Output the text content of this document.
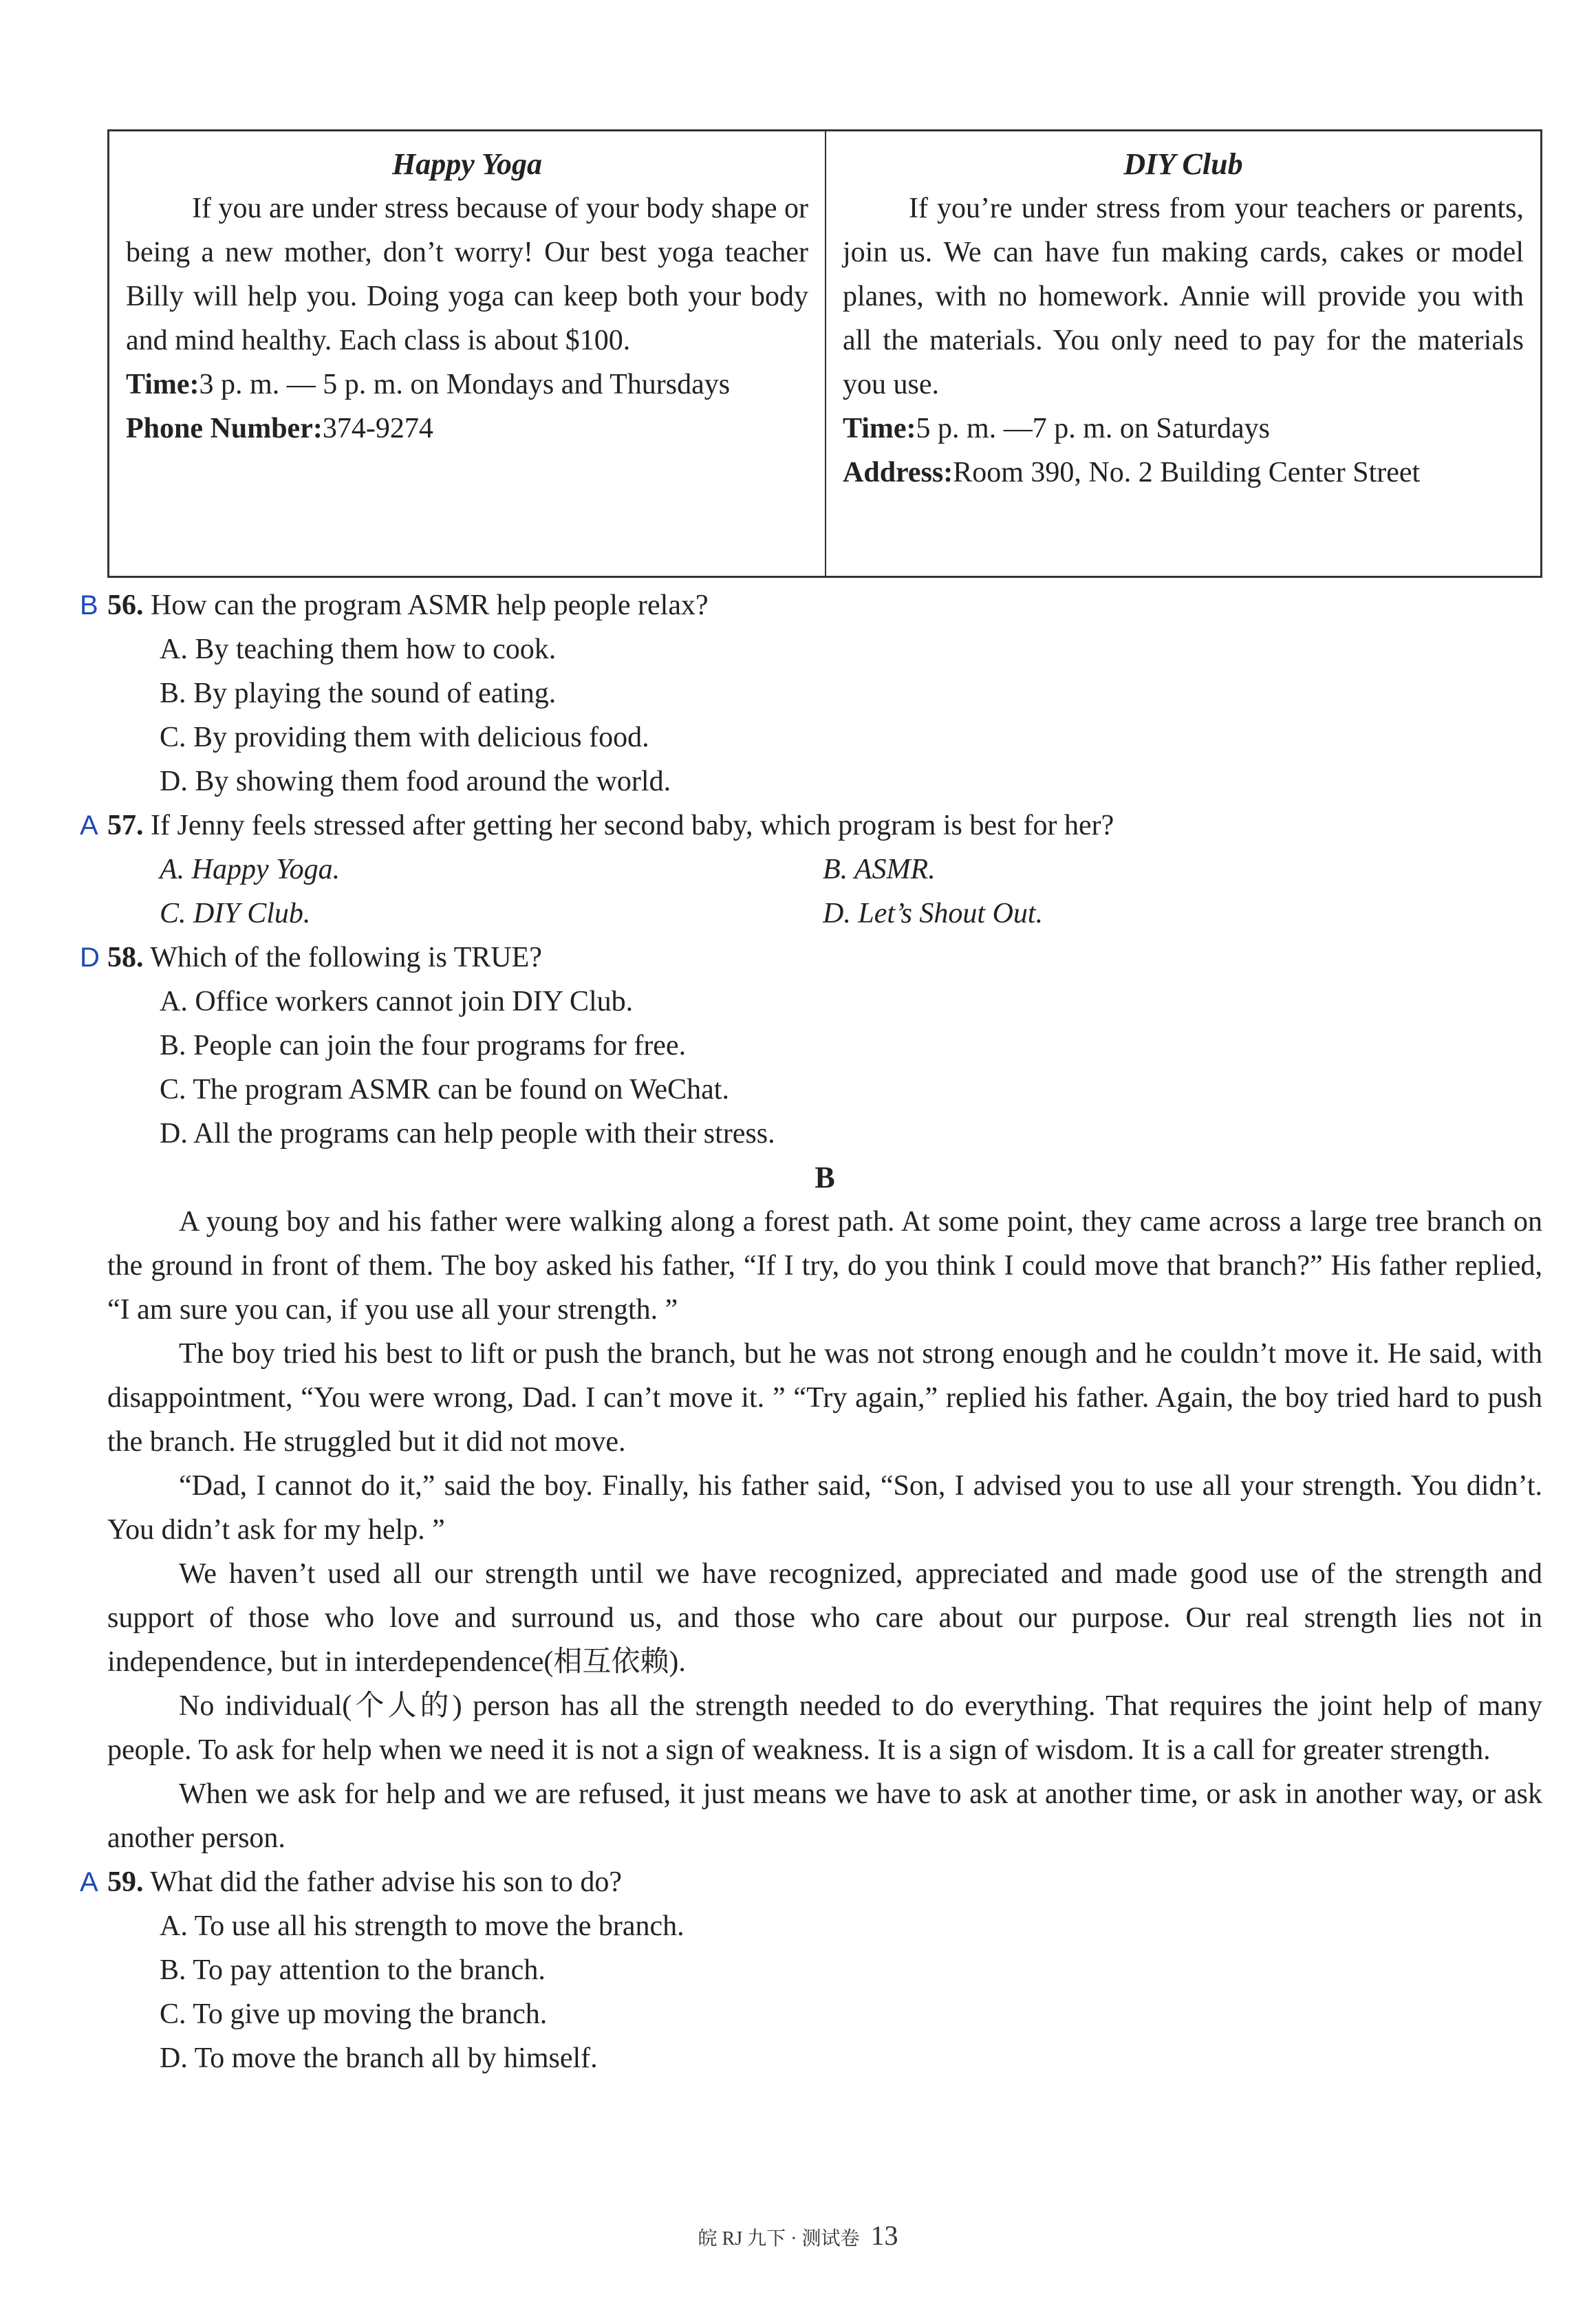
Happy Yoga
If you are under stress because of your body shape or being a new mother, don’t worry! Our best yoga teacher Billy will help you. Doing yoga can keep both your body and mind healthy. Each class is about $100.
Time: 3 p. m. — 5 p. m. on Mondays and Thursdays
Phone Number: 374-9274
DIY Club
If you’re under stress from your teachers or parents, join us. We can have fun making cards, cakes or model planes, with no homework. Annie will provide you with all the materials. You only need to pay for the materials you use.
Time: 5 p. m. —7 p. m. on Saturdays
Address: Room 390, No. 2 Building Center Street
B 56. How can the program ASMR help people relax?
A. By teaching them how to cook.
B. By playing the sound of eating.
C. By providing them with delicious food.
D. By showing them food around the world.
A 57. If Jenny feels stressed after getting her second baby, which program is best for her?
A. Happy Yoga.	B. ASMR.
C. DIY Club.	D. Let’s Shout Out.
D 58. Which of the following is TRUE?
A. Office workers cannot join DIY Club.
B. People can join the four programs for free.
C. The program ASMR can be found on WeChat.
D. All the programs can help people with their stress.
B
A young boy and his father were walking along a forest path. At some point, they came across a large tree branch on the ground in front of them. The boy asked his father, “If I try, do you think I could move that branch?” His father replied, “I am sure you can, if you use all your strength. ”
The boy tried his best to lift or push the branch, but he was not strong enough and he couldn’t move it. He said, with disappointment, “You were wrong, Dad. I can’t move it. ” “Try again,” replied his father. Again, the boy tried hard to push the branch. He struggled but it did not move.
“Dad, I cannot do it,” said the boy. Finally, his father said, “Son, I advised you to use all your strength. You didn’t. You didn’t ask for my help. ”
We haven’t used all our strength until we have recognized, appreciated and made good use of the strength and support of those who love and surround us, and those who care about our purpose. Our real strength lies not in independence, but in interdependence(相互依赖).
No individual(个人的) person has all the strength needed to do everything. That requires the joint help of many people. To ask for help when we need it is not a sign of weakness. It is a sign of wisdom. It is a call for greater strength.
When we ask for help and we are refused, it just means we have to ask at another time, or ask in another way, or ask another person.
A 59. What did the father advise his son to do?
A. To use all his strength to move the branch.
B. To pay attention to the branch.
C. To give up moving the branch.
D. To move the branch all by himself.
皖 RJ 九下 · 测试卷 13
